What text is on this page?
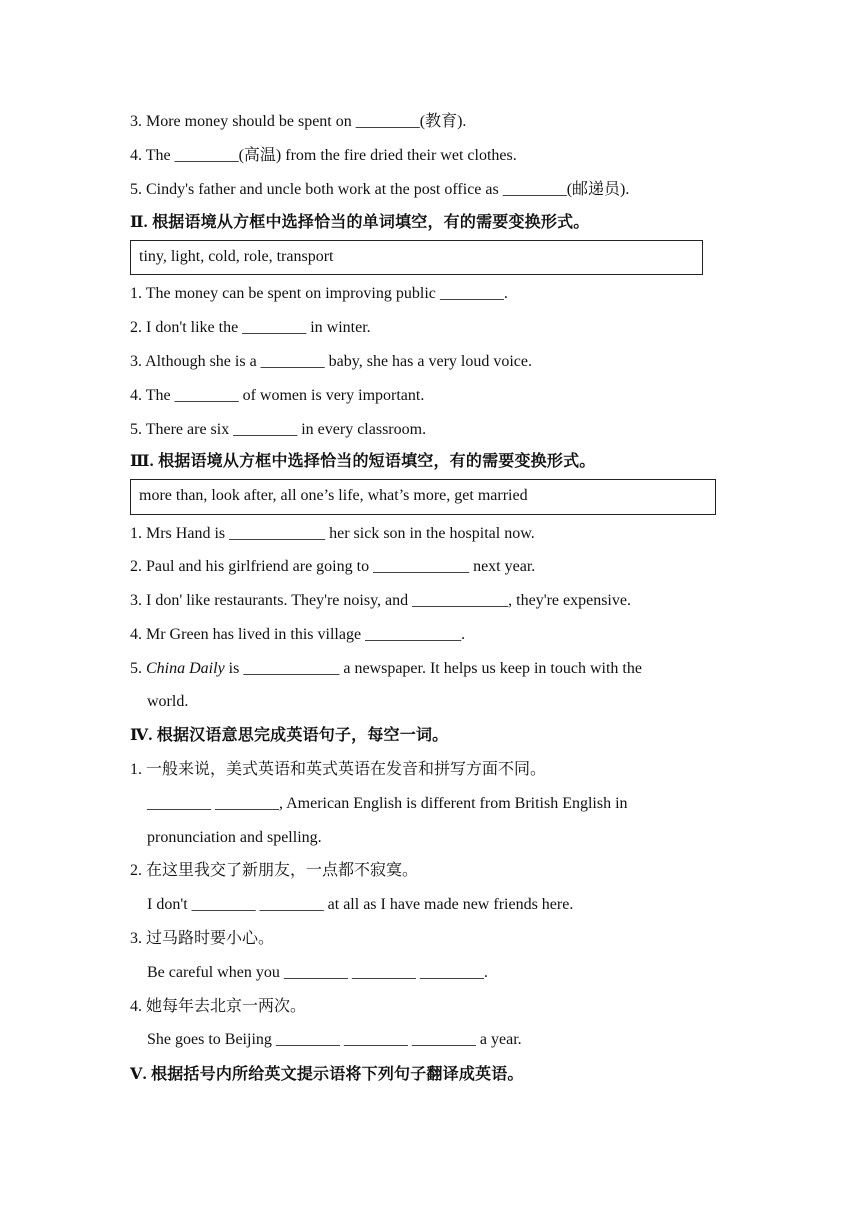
3. More money should be spent on ________(教育).
4. The ________(高温) from the fire dried their wet clothes.
5. Cindy's father and uncle both work at the post office as ________(邮递员).
Ⅱ. 根据语境从方框中选择恰当的单词填空，有的需要变换形式。
tiny, light, cold, role, transport
1. The money can be spent on improving public ________.
2. I don't like the ________ in winter.
3. Although she is a ________ baby, she has a very loud voice.
4. The ________ of women is very important.
5. There are six ________ in every classroom.
Ⅲ. 根据语境从方框中选择恰当的短语填空，有的需要变换形式。
more than, look after, all one’s life, what’s more, get married
1. Mrs Hand is ____________ her sick son in the hospital now.
2. Paul and his girlfriend are going to ____________ next year.
3. I don' like restaurants. They're noisy, and ____________, they're expensive.
4. Mr Green has lived in this village ____________.
5. China Daily is ____________ a newspaper. It helps us keep in touch with the
world.
Ⅳ. 根据汉语意思完成英语句子，每空一词。
1. 一般来说，美式英语和英式英语在发音和拼写方面不同。
________ ________, American English is different from British English in
pronunciation and spelling.
2. 在这里我交了新朋友，一点都不寂寞。
I don't ________ ________ at all as I have made new friends here.
3. 过马路时要小心。
Be careful when you ________ ________ ________.
4. 她每年去北京一两次。
She goes to Beijing ________ ________ ________ a year.
Ⅴ. 根据括号内所给英文提示语将下列句子翻译成英语。
